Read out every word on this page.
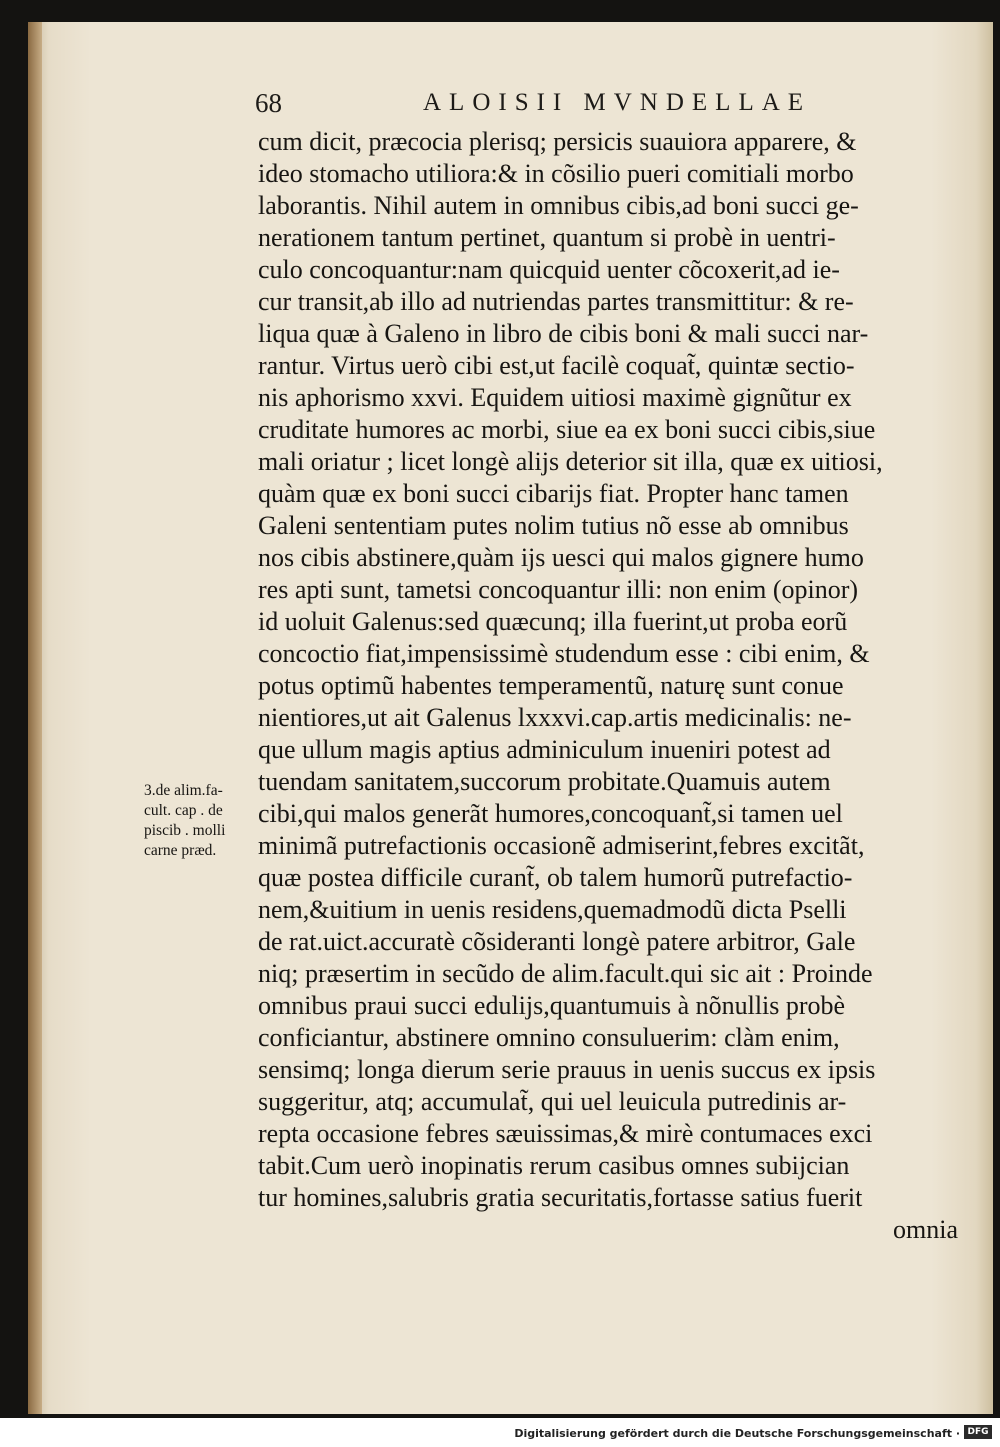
68	ALOISII MVNDELLAE
cum dicit, præcocia plerisq; persicis suauiora apparere, &
ideo stomacho utiliora:& in cõsilio pueri comitiali morbo
laborantis. Nihil autem in omnibus cibis,ad boni succi ge-
nerationem tantum pertinet, quantum si probè in uentri-
culo concoquantur:nam quicquid uenter cõcoxerit,ad ie-
cur transit,ab illo ad nutriendas partes transmittitur: & re-
liqua quæ à Galeno in libro de cibis boni & mali succi nar-
rantur. Virtus uerò cibi est,ut facilè coquat̃, quintæ sectio-
nis aphorismo xxvi. Equidem uitiosi maximè gignũtur ex
cruditate humores ac morbi, siue ea ex boni succi cibis,siue
mali oriatur ; licet longè alijs deterior sit illa, quæ ex uitiosi,
quàm quæ ex boni succi cibarijs fiat. Propter hanc tamen
Galeni sententiam putes nolim tutius nõ esse ab omnibus
nos cibis abstinere,quàm ijs uesci qui malos gignere humo
res apti sunt, tametsi concoquantur illi: non enim (opinor)
id uoluit Galenus:sed quæcunq; illa fuerint,ut proba eorũ
concoctio fiat,impensissimè studendum esse : cibi enim, &
potus optimũ habentes temperamentũ, naturę sunt conue
nientiores,ut ait Galenus lxxxvi.cap.artis medicinalis: ne-
que ullum magis aptius adminiculum inueniri potest ad
tuendam sanitatem,succorum probitate.Quamuis autem
cibi,qui malos generãt humores,concoquant̃,si tamen uel
minimã putrefactionis occasionẽ admiserint,febres excitãt,
quæ postea difficile curant̃, ob talem humorũ putrefactio-
nem,&uitium in uenis residens,quemadmodũ dicta Pselli
de rat.uict.accuratè cõsideranti longè patere arbitror, Gale
niq; præsertim in secũdo de alim.facult.qui sic ait : Proinde
omnibus praui succi edulijs,quantumuis à nõnullis probè
conficiantur, abstinere omnino consuluerim: clàm enim,
sensimq; longa dierum serie prauus in uenis succus ex ipsis
suggeritur, atq; accumulat̃, qui uel leuicula putredinis ar-
repta occasione febres sæuissimas,& mirè contumaces exci
tabit.Cum uerò inopinatis rerum casibus omnes subijcian
tur homines,salubris gratia securitatis,fortasse satius fuerit
omnia
3.de alim.fa-
cult. cap . de
piscib . molli
carne præd.
Digitalisierung gefördert durch die Deutsche Forschungsgemeinschaft · DFG
